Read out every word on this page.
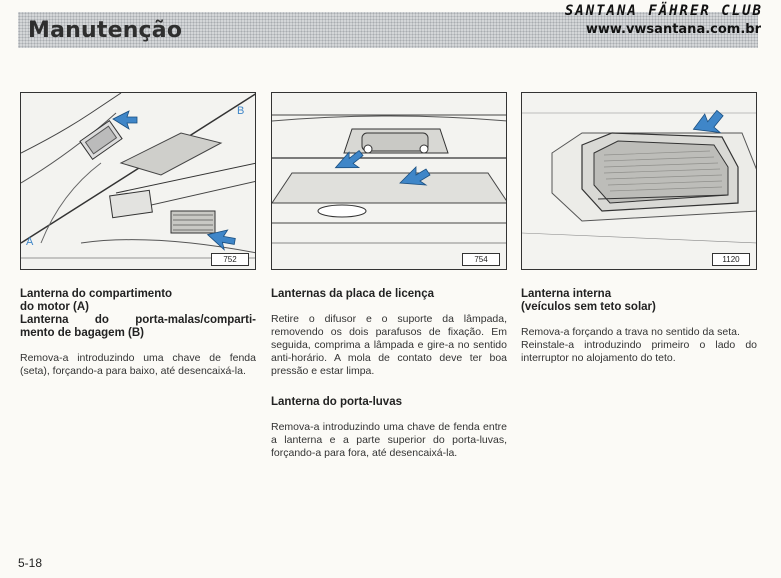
Manutenção
SANTANA FÄHRER CLUB
www.vwsantana.com.br
A
B
752	754	1120
Lanterna do compartimento
do motor (A)
Lanterna do porta-malas/comparti-
mento de bagagem (B)

Remova-a introduzindo uma chave de fenda (seta), forçando-a para baixo, até desencaixá-la.

Lanternas da placa de licença

Retire o difusor e o suporte da lâmpada, removendo os dois parafusos de fixação. Em seguida, comprima a lâmpada e gire-a no sentido anti-horário. A mola de contato deve ter boa pressão e estar limpa.

Lanterna do porta-luvas

Remova-a introduzindo uma chave de fenda entre a lanterna e a parte superior do porta-luvas, forçando-a para fora, até desencaixá-la.

Lanterna interna
(veículos sem teto solar)

Remova-a forçando a trava no sentido da seta.

Reinstale-a introduzindo primeiro o lado do interruptor no alojamento do teto.

5-18
